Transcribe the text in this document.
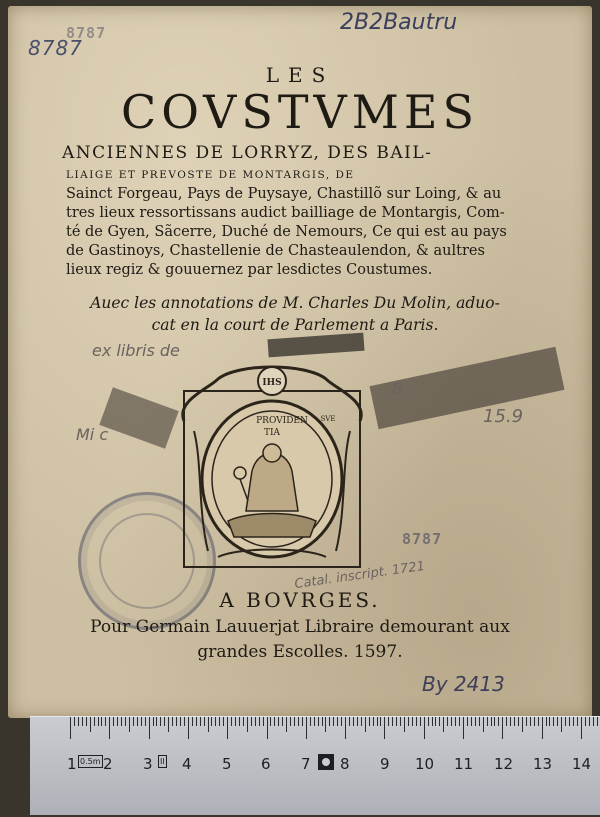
8787
2B2Bautru
8787
LES
COVSTVMES
ANCIENNES DE LORRYZ, DES BAIL-
LIAIGE ET PREVOSTE DE MONTARGIS, DE
Sainct Forgeau, Pays de Puysaye, Chastillõ sur Loing, & au
tres lieux ressortissans audict bailliage de Montargis, Com-
té de Gyen, Sãcerre, Duché de Nemours, Ce qui est au pays
de Gastinoys, Chastellenie de Chasteaulendon, & aultres
lieux regiz & gouuernez par lesdictes Coustumes.
Auec les annotations de M. Charles Du Molin, aduo-
cat en la court de Parlement a Paris.
ex libris de
8.
15.9
Mi c
IHS
PROVIDEN
TIA
SVE
8787
Catal. inscript. 1721
A BOVRGES.
Pour Germain Lauuerjat Libraire demourant aux
grandes Escolles. 1597.
By 2413
1 0.5m 2 3 II 4 5 6 7 8 9 10 11 12 13 14
